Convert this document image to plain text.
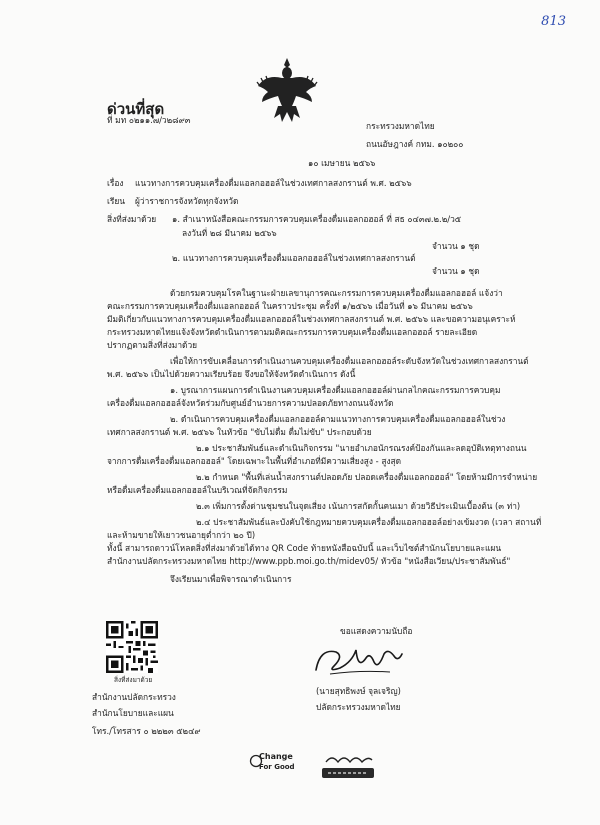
813
ด่วนที่สุด
ที่ มท ๐๒๑๑.๗/ว๒๘๙๓
กระทรวงมหาดไทย
ถนนอัษฎางค์ กทม. ๑๐๒๐๐
๑๐ เมษายน ๒๕๖๖
เรื่อง แนวทางการควบคุมเครื่องดื่มแอลกอฮอล์ในช่วงเทศกาลสงกรานต์ พ.ศ. ๒๕๖๖
เรียน ผู้ว่าราชการจังหวัดทุกจังหวัด
สิ่งที่ส่งมาด้วย ๑. สำเนาหนังสือคณะกรรมการควบคุมเครื่องดื่มแอลกอฮอล์ ที่ สธ ๐๔๓๗.๒.๒/ว๕
ลงวันที่ ๒๘ มีนาคม ๒๕๖๖
จำนวน ๑ ชุด
๒. แนวทางการควบคุมเครื่องดื่มแอลกอฮอล์ในช่วงเทศกาลสงกรานต์
จำนวน ๑ ชุด
ด้วยกรมควบคุมโรคในฐานะฝ่ายเลขานุการคณะกรรมการควบคุมเครื่องดื่มแอลกอฮอล์ แจ้งว่า
คณะกรรมการควบคุมเครื่องดื่มแอลกอฮอล์ ในคราวประชุม ครั้งที่ ๑/๒๕๖๖ เมื่อวันที่ ๑๖ มีนาคม ๒๕๖๖
มีมติเกี่ยวกับแนวทางการควบคุมเครื่องดื่มแอลกอฮอล์ในช่วงเทศกาลสงกรานต์ พ.ศ. ๒๕๖๖ และขอความอนุเคราะห์
กระทรวงมหาดไทยแจ้งจังหวัดดำเนินการตามมติคณะกรรมการควบคุมเครื่องดื่มแอลกอฮอล์ รายละเอียด
ปรากฏตามสิ่งที่ส่งมาด้วย
เพื่อให้การขับเคลื่อนการดำเนินงานควบคุมเครื่องดื่มแอลกอฮอล์ระดับจังหวัดในช่วงเทศกาลสงกรานต์
พ.ศ. ๒๕๖๖ เป็นไปด้วยความเรียบร้อย จึงขอให้จังหวัดดำเนินการ ดังนี้
๑. บูรณาการแผนการดำเนินงานควบคุมเครื่องดื่มแอลกอฮอล์ผ่านกลไกคณะกรรมการควบคุม
เครื่องดื่มแอลกอฮอล์จังหวัดร่วมกับศูนย์อำนวยการความปลอดภัยทางถนนจังหวัด
๒. ดำเนินการควบคุมเครื่องดื่มแอลกอฮอล์ตามแนวทางการควบคุมเครื่องดื่มแอลกอฮอล์ในช่วง
เทศกาลสงกรานต์ พ.ศ. ๒๕๖๖ ในหัวข้อ "ขับไม่ดื่ม ดื่มไม่ขับ" ประกอบด้วย
๒.๑ ประชาสัมพันธ์และดำเนินกิจกรรม "นายอำเภอนักรณรงค์ป้องกันและลดอุบัติเหตุทางถนน
จากการดื่มเครื่องดื่มแอลกอฮอล์" โดยเฉพาะในพื้นที่อำเภอที่มีความเสี่ยงสูง - สูงสุด
๒.๒ กำหนด "พื้นที่เล่นน้ำสงกรานต์ปลอดภัย ปลอดเครื่องดื่มแอลกอฮอล์" โดยห้ามมีการจำหน่าย
หรือดื่มเครื่องดื่มแอลกอฮอล์ในบริเวณที่จัดกิจกรรม
๒.๓ เพิ่มการตั้งด่านชุมชนในจุดเสี่ยง เน้นการสกัดกั้นคนเมา ด้วยวิธีประเมินเบื้องต้น (๓ ท่า)
๒.๔ ประชาสัมพันธ์และบังคับใช้กฎหมายควบคุมเครื่องดื่มแอลกอฮอล์อย่างเข้มงวด (เวลา สถานที่
และห้ามขายให้เยาวชนอายุต่ำกว่า ๒๐ ปี)
ทั้งนี้ สามารถดาวน์โหลดสิ่งที่ส่งมาด้วยได้ทาง QR Code ท้ายหนังสือฉบับนี้ และเว็บไซต์สำนักนโยบายและแผน
สำนักงานปลัดกระทรวงมหาดไทย http://www.ppb.moi.go.th/midev05/ หัวข้อ "หนังสือเวียน/ประชาสัมพันธ์"
จึงเรียนมาเพื่อพิจารณาดำเนินการ
ขอแสดงความนับถือ
(นายสุทธิพงษ์ จุลเจริญ)
ปลัดกระทรวงมหาดไทย
สิ่งที่ส่งมาด้วย
สำนักงานปลัดกระทรวง
สำนักนโยบายและแผน
โทร./โทรสาร ๐ ๒๒๒๓ ๕๒๔๙
Change
For Good
